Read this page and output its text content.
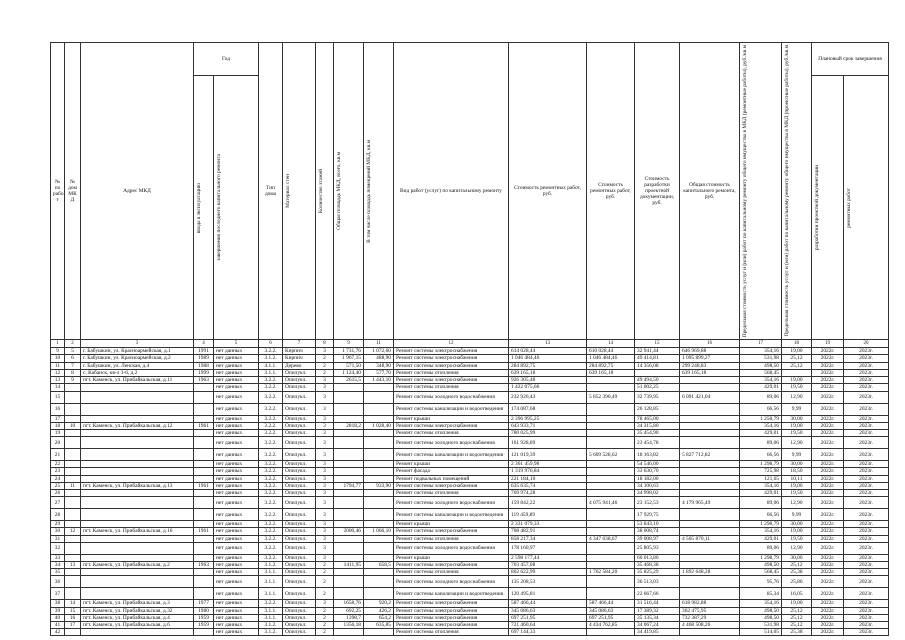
№ по рабо т	№ дом МК Д	Адрес МКД	Год		Тип дома	Материал стен	Количество этажей	Общая площадь МКД, всего, кв.м	В том числе площадь помещений МКД, кв.м	Вид работ (услуг) по капитальному ремонту	Стоимость ремонтных работ, руб.	Стоимость ремонтных работ, руб.	Стоимость разработки проектной документации, руб.	Общая стоимость капитального ремонта, руб.	Предельная стоимость услуг и (или) работ по капитальному ремонту общего имущества в МКД (ремонтные работы), руб./кв.м	Предельная стоимость услуг и (или) работ по капитальному ремонту общего имущества в МКД (проектные работы), руб./кв.м	Плановый срок завершения	

			ввода в эксплуатацию	завершения последнего капитального ремонта													разработки проектной документации	ремонтных работ

1	2	3	4	5	6	7	8	9	11	12	13	14	15	16	17	18	19	20
9	5	г. Бабушкин, ул. Красноармейская, д.1	1991	нет данных	3.2.2.	Кирпич	3	1 731,76	1 072,60	Ремонт системы электроснабжения	614 028,44	610 028,44	32 941,44	646 969,88	354,16	19,00	2022г.	2023г.
10	6	г. Бабушкин, ул. Красноармейская, д.2	1989	нет данных	3.1.2.	Кирпич	2	1 967,15	488,90	Ремонт системы электроснабжения	1 046 484,46	1 046 484,46	49 414,81	1 095 899,27	531,98	25,12	2022г.	2023г.
11	7	г. Бабушкин, ул. Ленская, д.4	1988	нет данных	4.1.1.	Дерево	2	571,50	348,90	Ремонт системы электроснабжения	284 892,75	284 892,75	14 356,08	299 248,83	498,50	25,12	2022г.	2023г.
12	8	с. Кабанск, кв-л 1-6, д.2	1999	нет данных	3.1.1.	Опилукл.	2	1 124,40	577,70	Ремонт системы отопления	639 165,18	639 165,18		639 165,18	568,45		2022г.	2023г.
13	9	пгт. Каменск, ул. Прибайкальская, д.11	1963	нет данных	3.2.2.	Опилукл.	3	2615,5	1 443,10	Ремонт системы электроснабжения	926 305,48		49 494,50		354,16	19,00	2022г.	2023г.
14				нет данных	3.2.2.	Опилукл.	3			Ремонт системы отопления	1 422 075,66		51 002,25		429,01	19,50	2022г.	2023г.
15				нет данных	3.2.2.	Опилукл.	3			Ремонт системы холодного водоснабжения	232 926,43	5 852 390,49	32 739,95	6 091 421,04	89,06	12,90	2022г.	2023г.
16				нет данных	3.2.2.	Опилукл.	3			Ремонт системы канализации и водоотведения	174 087,68		26 128,85		66,56	9,99	2022г.	2023г.
17				нет данных	3.2.2.	Опилукл.	3			Ремонт крыши	2 396 995,25		78 465,00		1 258,79	30,00	2022г.	2023г.
18	10	пгт. Каменск, ул. Прибайкальская, д.12	1961	нет данных	3.2.2.	Опилукл.	3	2818,2	1 028,40	Ремонт системы электроснабжения	643 933,71		34 315,80		354,16	19,00	2022г.	2023г.
19				нет данных	3.2.2.	Опилукл.	3			Ремонт системы отопления	780 025,99		35 454,90		429,01	19,50	2022г.	2023г.
20				нет данных	3.2.2.	Опилукл.	3			Ремонт системы холодного водоснабжения	161 928,89		23 454,78		89,06	12,90	2022г.	2023г.
21				нет данных	3.2.2.	Опилукл.	3			Ремонт системы канализации и водоотведения	121 019,39	5 609 528,62	18 163,82	5 827 712,82	66,56	9,99	2022г.	2023г.
22				нет данных	3.2.2.	Опилукл.	3			Ремонт крыши	2 361 459,98		54 546,00		1 298,79	30,00	2022г.	2023г.
23				нет данных	3.2.2.	Опилукл.	3			Ремонт фасада	1 319 976,84		33 630,70		725,98	18,50	2022г.	2023г.
24				нет данных	3.2.2.	Опилукл.	3			Ремонт подвальных помещений	221 184,10		18 182,00		121,65	10,11	2022г.	2023г.
25	11	пгт. Каменск, ул. Прибайкальская, д.13	1961	нет данных	3.2.2.	Опилукл.	3	1794,77	933,90	Ремонт системы электроснабжения	635 635,74		34 100,63		354,16	19,00	2022г.	2023г.
26				нет данных	3.2.2.	Опилукл.	3			Ремонт системы отопления	769 974,28		34 998,02		429,01	19,50	2022г.	2023г.
27				нет данных	3.2.2.	Опилукл.	3			Ремонт системы холодного водоснабжения	159 842,22	4 075 941,46	23 152,53	4 179 965,49	89,06	12,90	2022г.	2023г.
28				нет данных	3.2.2.	Опилукл.	3			Ремонт системы канализации и водоотведения	119 459,89		17 929,75		66,56	9,99	2022г.	2023г.
29				нет данных	3.2.2.	Опилукл.	3			Ремонт крыши	2 331 079,33		53 843,10		1 298,79	30,00	2022г.	2023г.
30	12	пгт. Каменск, ул. Прибайкальская, д.16	1961	нет данных	3.2.2.	Опилукл.	3	2000,46	1 066,10	Ремонт системы электроснабжения	708 482,91		38 008,74		354,16	19,00	2022г.	2023г.
31				нет данных	3.2.2.	Опилукл.	3			Ремонт системы отопления	858 217,34	4 347 038,67	39 008,97	4 505 870,11	429,01	19,50	2022г.	2023г.
32				нет данных	3.2.2.	Опилукл.	3			Ремонт системы холодного водоснабжения	178 160,97		25 805,93		89,06	12,90	2022г.	2023г.
33				нет данных	3.2.2.	Опилукл.	3			Ремонт крыши	2 598 177,44		60 013,80		1 298,79	30,00	2022г.	2023г.
34	13	пгт. Каменск, ул. Прибайкальская, д.2	1963	нет данных	3.1.2.	Опилукл.	2	1411,95	658,5	Ремонт системы электроснабжения	703 457,08		35 468,38		498,50	25,12	2022г.	2023г.
35				нет данных	3.1.1.	Опилукл.	2			Ремонт системы отопления	802 622,99	1 762 584,20	35 825,29	1 892 648,28	568,45	25,38	2022г.	2023г.
36				нет данных	3.1.1.	Опилукл.	2			Ремонт системы холодного водоснабжения	135 208,53		36 513,03		95,76	25,86	2022г.	2023г.
37				нет данных	3.1.1.	Опилукл.	2			Ремонт системы канализации и водоотведения	120 495,81		22 667,66		85,34	16,05	2022г.	2023г.
38	14	пгт. Каменск, ул. Прибайкальская, д.3	1977	нет данных	3.2.2.	Опилукл.	3	1658,76	920,2	Ремонт системы электроснабжения	587 466,44	587 466,44	31 516,44	618 982,88	354,16	19,00	2022г.	2023г.
39	15	пгт. Каменск, ул. Прибайкальская, д.32	1980	нет данных	3.1.1.	Опилукл.	2	692,25	426,2	Ремонт системы электроснабжения	345 086,63	345 086,63	17 389,32	362 475,95	498,50	25,12	2022г.	2023г.
40	16	пгт. Каменск, ул. Прибайкальская, д.4	1959	нет данных	3.1.1.	Опилукл.	2	1398,7	654,2	Ремонт системы электроснабжения	697 251,95	697 251,95	35 135,34	732 387,29	498,50	25,12	2022г.	2023г.
41	17	пгт. Каменск, ул. Прибайкальская, д.6	1959	нет данных	3.1.2.	Опилукл.	2	1356,18	635,85	Ремонт системы электроснабжения	721 460,64	4 434 762,85	34 067,24	4 468 508,26	531,98	25,12	2022г.	2023г.
42				нет данных	3.1.2.	Опилукл.	2			Ремонт системы отопления	697 144,33		34 419,85		514,05	25,38	2022г.	2023г.
